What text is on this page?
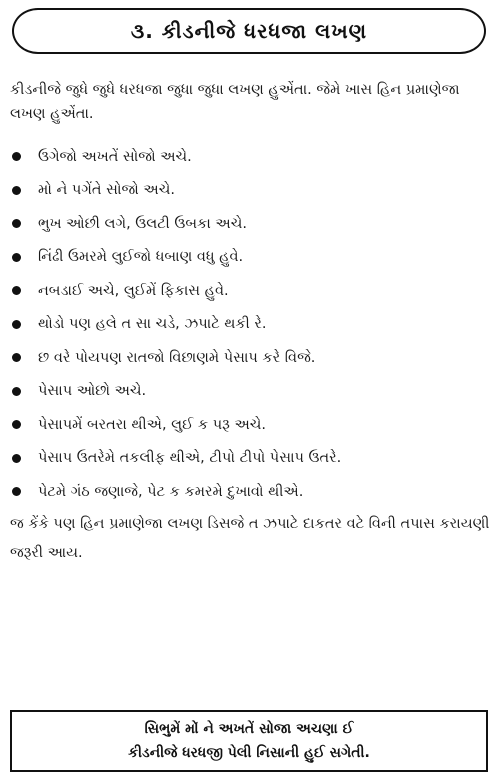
૩. કીડનીજે ધરધજા લખણ

કીડનીજે જુધે જુધે ધરધજા જુધા જુધા લખણ હુએંતા. જેમે ખાસ હિન પ્રમાણેજા લખણ હુએંતા.

ઉગેજો અખતેં સોજો અચે.
મો ને પગેંતે સોજો અચે.
ભુખ ઓછી લગે, ઉલટી ઉબકા અચે.
નિંઢી ઉમરમે લુઈજો ધબાણ વધુ હુવે.
નબડાઈ અચે, લુઈમેં ફિકાસ હુવે.
થોડો પણ હલે ત સા ચડે, ઝપાટે થકી રે.
છ વરે પોયપણ રાતજો વિછાણમે પેસાપ કરે વિજે.
પેસાપ ઓછો અચે.
પેસાપમેં બરતરા થીએ, લુઈ ક પરૂ અચે.
પેસાપ ઉતરેમે તકલીફ થીએ, ટીપો ટીપો પેસાપ ઉતરે.
પેટમે ગંઠ જણાજે, પેટ ક કમરમે દુખાવો થીએ.

જ કેંકે પણ હિન પ્રમાણેજા લખણ ડિસજે ત ઝપાટે દાકતર વટે વિની તપાસ કરાયણી જરૂરી આય.

સિભુમેં મોં ને અખતેં સોજા અચણા ઈ
કીડનીજે ધરધજી પેલી નિસાની હુઈ સગેતી.
